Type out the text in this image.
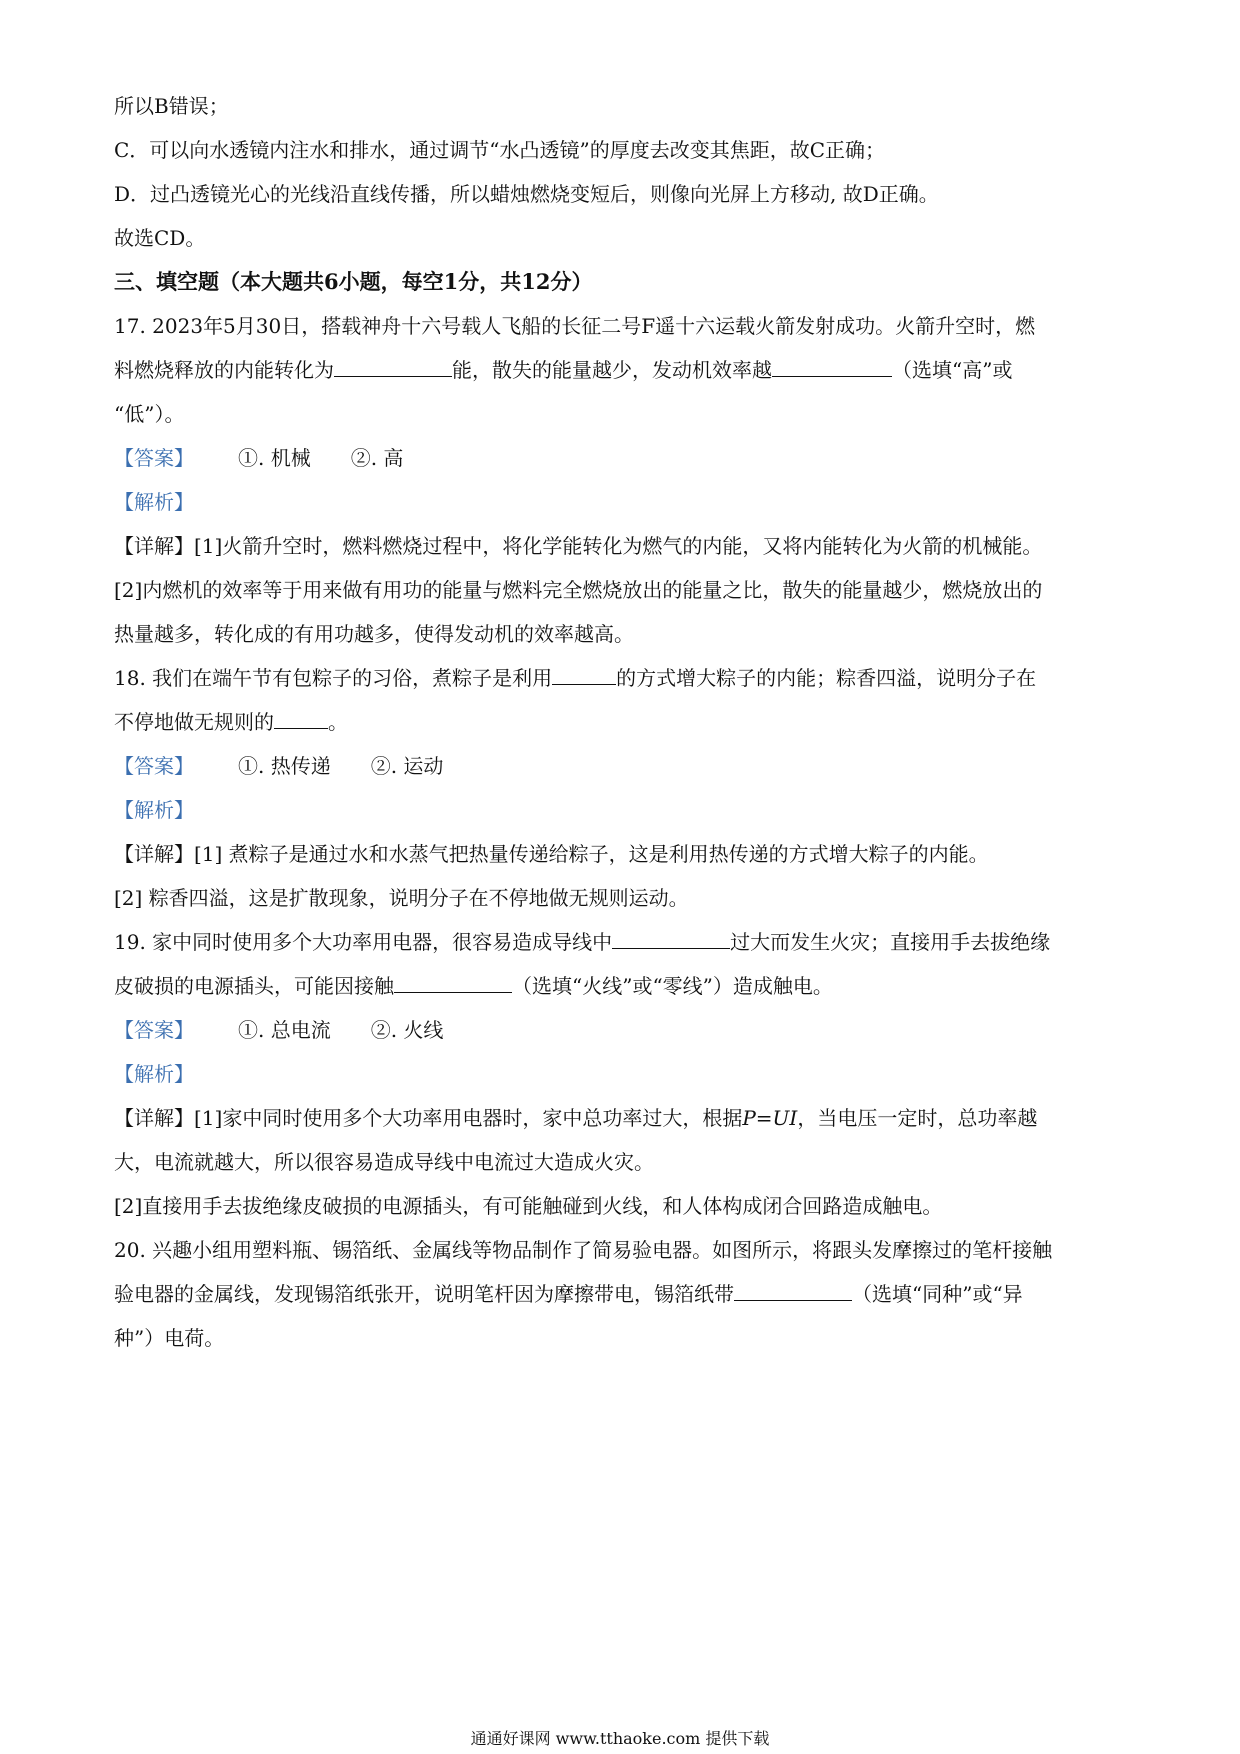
所以B错误；
C．可以向水透镜内注水和排水，通过调节“水凸透镜”的厚度去改变其焦距，故C正确；
D．过凸透镜光心的光线沿直线传播，所以蜡烛燃烧变短后，则像向光屏上方移动, 故D正确。
故选CD。
三、填空题（本大题共6小题，每空1分，共12分）
17. 2023年5月30日，搭载神舟十六号载人飞船的长征二号F遥十六运载火箭发射成功。火箭升空时，燃
料燃烧释放的内能转化为	能，散失的能量越少，发动机效率越	（选填“高”或
“低”）。
【答案】 ①. 机械 ②. 高
【解析】
【详解】[1]火箭升空时，燃料燃烧过程中，将化学能转化为燃气的内能，又将内能转化为火箭的机械能。
[2]内燃机的效率等于用来做有用功的能量与燃料完全燃烧放出的能量之比，散失的能量越少，燃烧放出的
热量越多，转化成的有用功越多，使得发动机的效率越高。
18. 我们在端午节有包粽子的习俗，煮粽子是利用	的方式增大粽子的内能；粽香四溢，说明分子在
不停地做无规则的	。
【答案】 ①. 热传递 ②. 运动
【解析】
【详解】[1] 煮粽子是通过水和水蒸气把热量传递给粽子，这是利用热传递的方式增大粽子的内能。
[2] 粽香四溢，这是扩散现象，说明分子在不停地做无规则运动。
19. 家中同时使用多个大功率用电器，很容易造成导线中	过大而发生火灾；直接用手去拔绝缘
皮破损的电源插头，可能因接触	（选填“火线”或“零线”）造成触电。
【答案】 ①. 总电流 ②. 火线
【解析】
【详解】[1]家中同时使用多个大功率用电器时，家中总功率过大，根据P=UI，当电压一定时，总功率越
大，电流就越大，所以很容易造成导线中电流过大造成火灾。
[2]直接用手去拔绝缘皮破损的电源插头，有可能触碰到火线，和人体构成闭合回路造成触电。
20. 兴趣小组用塑料瓶、锡箔纸、金属线等物品制作了简易验电器。如图所示，将跟头发摩擦过的笔杆接触
验电器的金属线，发现锡箔纸张开，说明笔杆因为摩擦带电，锡箔纸带	（选填“同种”或“异
种”）电荷。
通通好课网 www.tthaoke.com 提供下载
